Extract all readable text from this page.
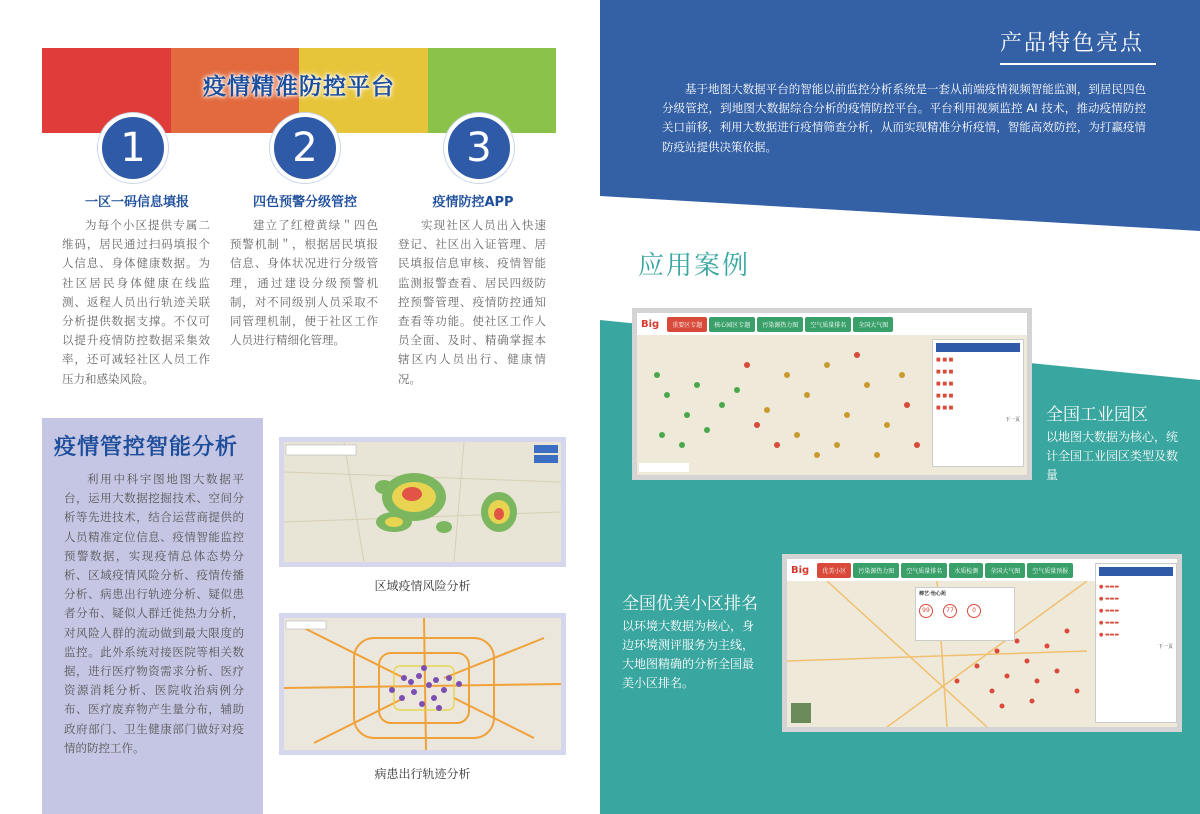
疫情精准防控平台
1	2	3
一区一码信息填报
为每个小区提供专属二维码，居民通过扫码填报个人信息、身体健康数据。为社区居民身体健康在线监测、返程人员出行轨迹关联分析提供数据支撑。不仅可以提升疫情防控数据采集效率，还可减轻社区人员工作压力和感染风险。
四色预警分级管控
建立了红橙黄绿＂四色预警机制＂，根据居民填报信息、身体状况进行分级管理，通过建设分级预警机制，对不同级别人员采取不同管理机制，便于社区工作人员进行精细化管理。
疫情防控APP
实现社区人员出入快速登记、社区出入证管理、居民填报信息审核、疫情智能监测报警查看、居民四级防控预警管理、疫情防控通知查看等功能。使社区工作人员全面、及时、精确掌握本辖区内人员出行、健康情况。
疫情管控智能分析
利用中科宇图地图大数据平台，运用大数据挖掘技术、空间分析等先进技术，结合运营商提供的人员精准定位信息、疫情智能监控预警数据，实现疫情总体态势分析、区域疫情风险分析、疫情传播分析、病患出行轨迹分析、疑似患者分布、疑似人群迁徙热力分析，对风险人群的流动做到最大限度的监控。此外系统对接医院等相关数据，进行医疗物资需求分析、医疗资源消耗分析、医院收治病例分布、医疗废弃物产生量分布，辅助政府部门、卫生健康部门做好对疫情的防控工作。
区域疫情风险分析
病患出行轨迹分析
产品特色亮点
基于地图大数据平台的智能以前监控分析系统是一套从前端疫情视频智能监测，到居民四色分级管控，到地图大数据综合分析的疫情防控平台。平台利用视频监控 AI 技术，推动疫情防控关口前移，利用大数据进行疫情筛查分析，从而实现精准分析疫情，智能高效防控，为打赢疫情防疫站提供决策依据。
应用案例
Big	重要区专题	核心园区专题	污染源热力图	空气质量排名	全国大气图
■ ■ ■
■ ■ ■
■ ■ ■
■ ■ ■
■ ■ ■
下一页 全国工业园区
以地图大数据为核心，统计全国工业园区类型及数量
Big	优美小区	污染源热力图	空气质量排名	水质检测	全国大气图	空气质量预报
棒艺·怡心苑
99	77	0
● ▬▬▬
● ▬▬▬
● ▬▬▬
● ▬▬▬
● ▬▬▬
下一页
全国优美小区排名
以环境大数据为核心，身边环境测评服务为主线，大地图精确的分析全国最美小区排名。
